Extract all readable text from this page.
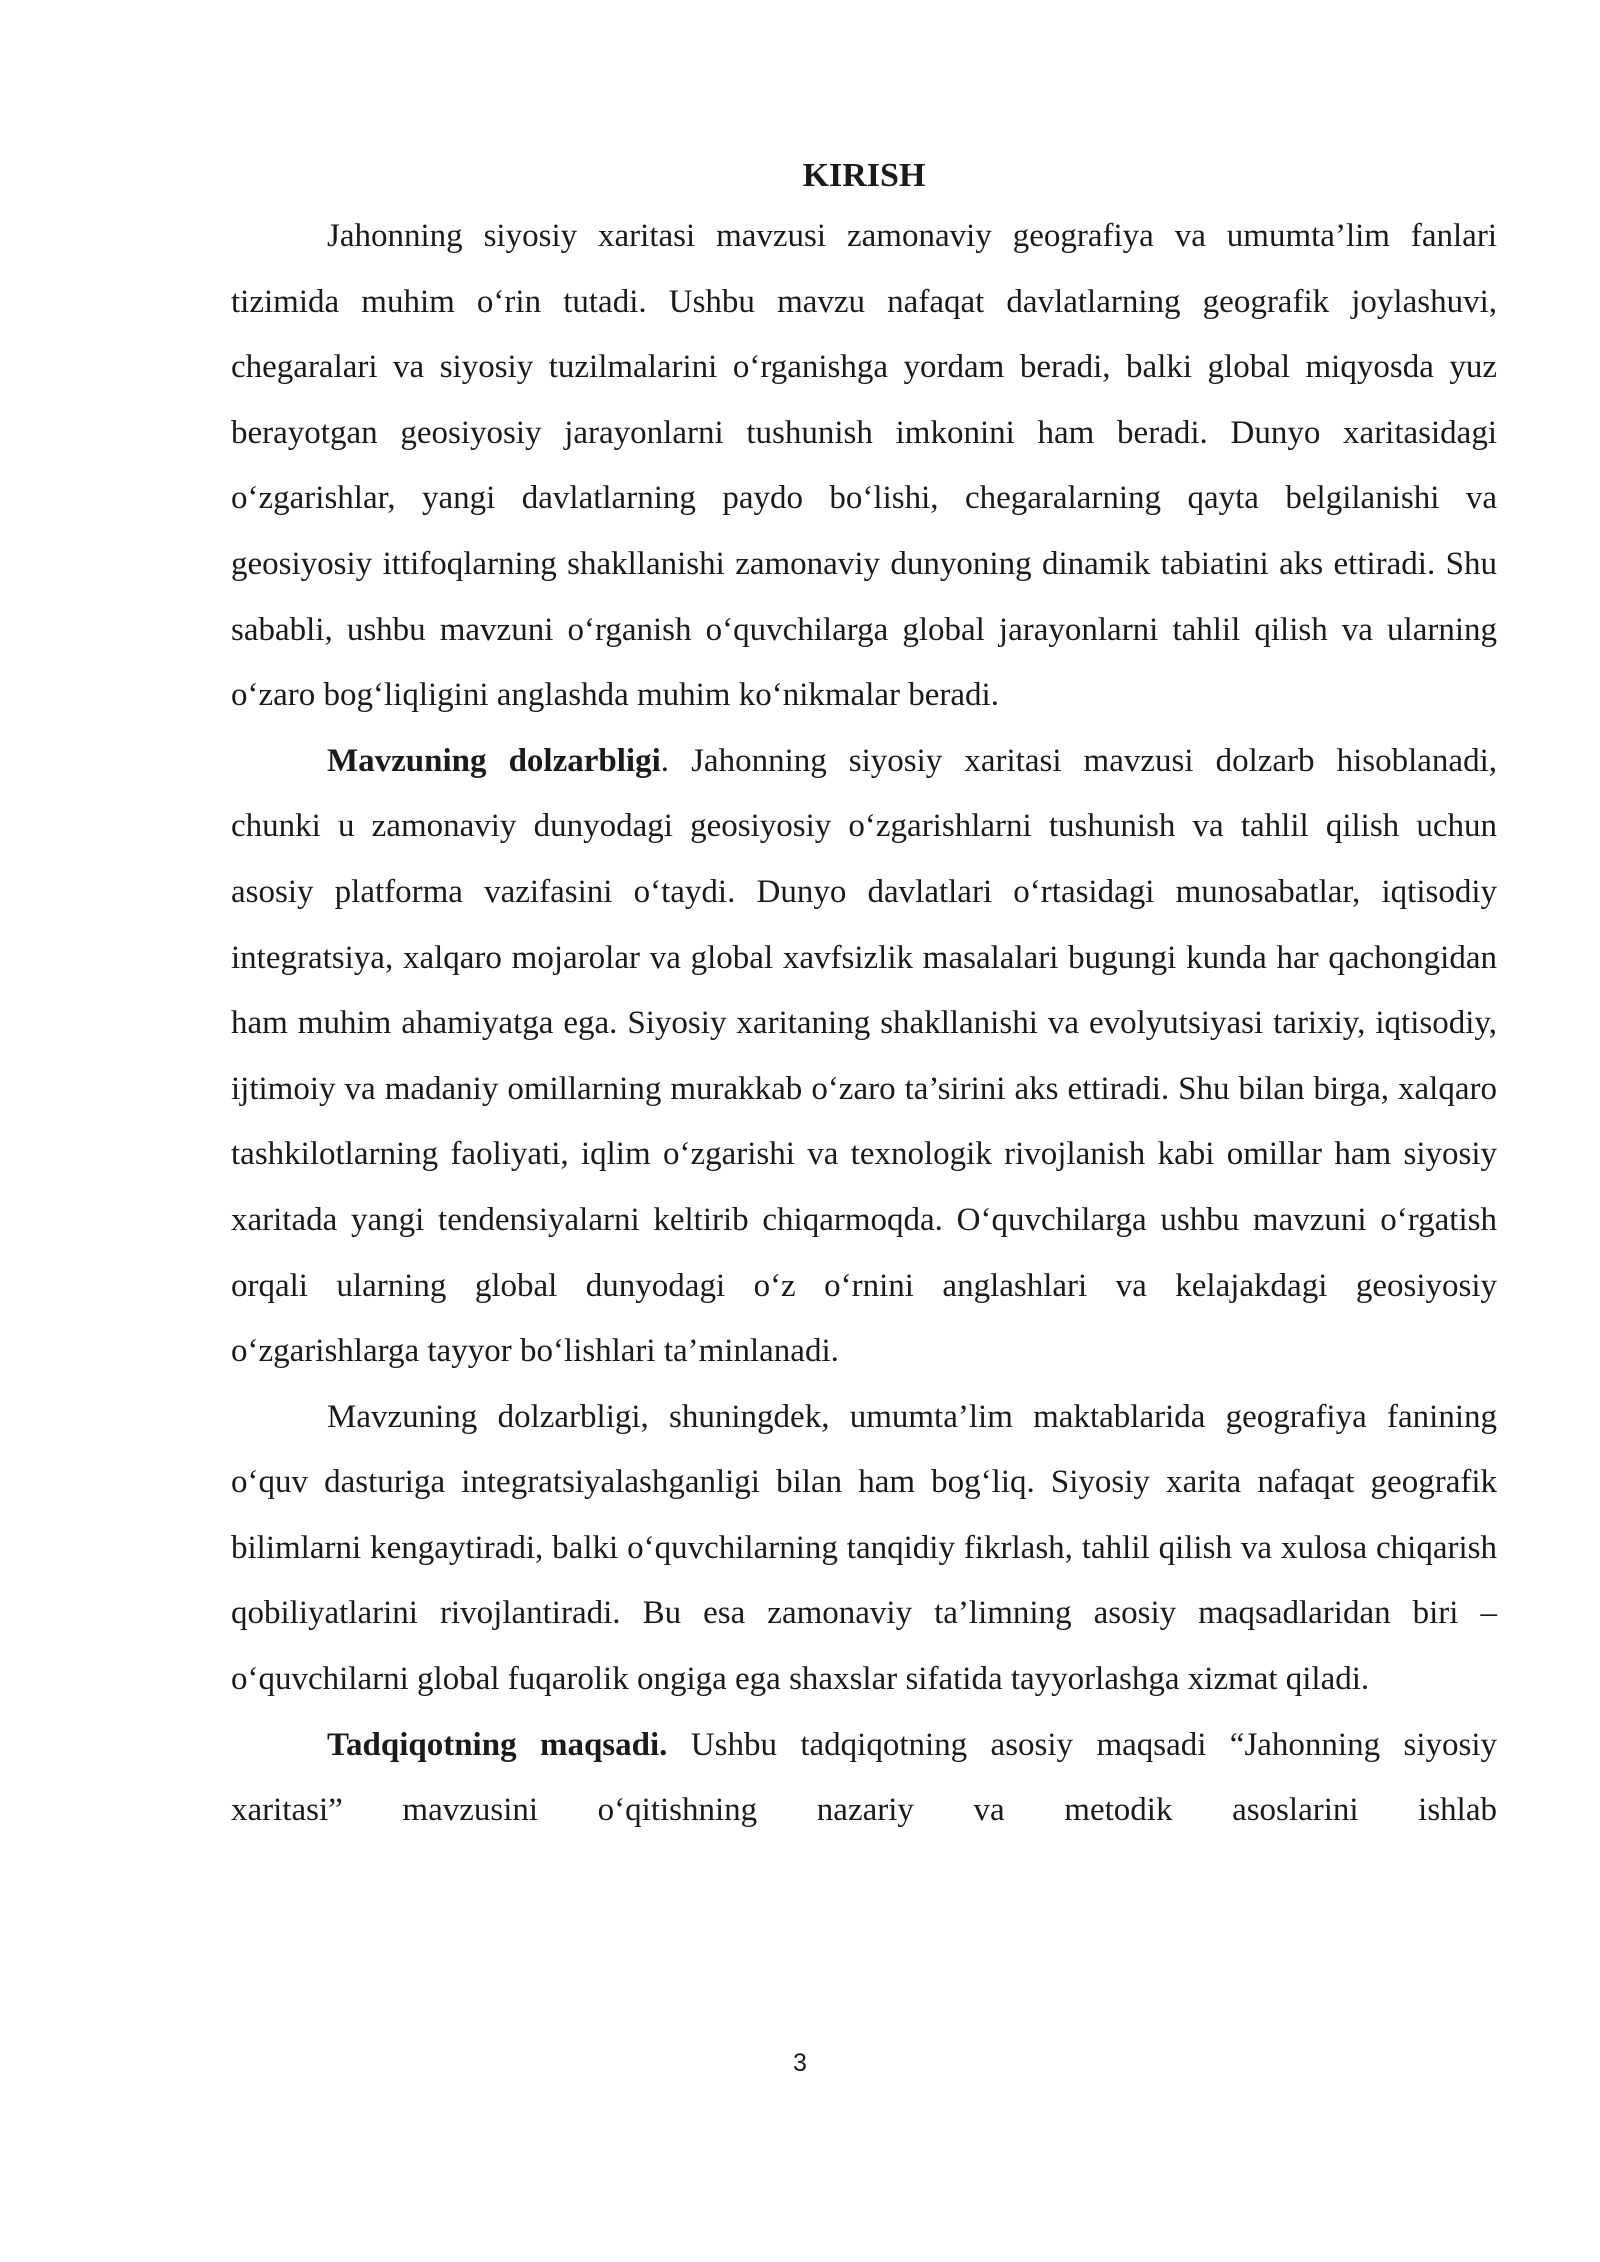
KIRISH

Jahonning siyosiy xaritasi mavzusi zamonaviy geografiya va umumta’lim fanlari tizimida muhim o‘rin tutadi. Ushbu mavzu nafaqat davlatlarning geografik joylashuvi, chegaralari va siyosiy tuzilmalarini o‘rganishga yordam beradi, balki global miqyosda yuz berayotgan geosiyosiy jarayonlarni tushunish imkonini ham beradi. Dunyo xaritasidagi o‘zgarishlar, yangi davlatlarning paydo bo‘lishi, chegaralarning qayta belgilanishi va geosiyosiy ittifoqlarning shakllanishi zamonaviy dunyoning dinamik tabiatini aks ettiradi. Shu sababli, ushbu mavzuni o‘rganish o‘quvchilarga global jarayonlarni tahlil qilish va ularning o‘zaro bog‘liqligini anglashda muhim ko‘nikmalar beradi.

Mavzuning dolzarbligi. Jahonning siyosiy xaritasi mavzusi dolzarb hisoblanadi, chunki u zamonaviy dunyodagi geosiyosiy o‘zgarishlarni tushunish va tahlil qilish uchun asosiy platforma vazifasini o‘taydi. Dunyo davlatlari o‘rtasidagi munosabatlar, iqtisodiy integratsiya, xalqaro mojarolar va global xavfsizlik masalalari bugungi kunda har qachongidan ham muhim ahamiyatga ega. Siyosiy xaritaning shakllanishi va evolyutsiyasi tarixiy, iqtisodiy, ijtimoiy va madaniy omillarning murakkab o‘zaro ta’sirini aks ettiradi. Shu bilan birga, xalqaro tashkilotlarning faoliyati, iqlim o‘zgarishi va texnologik rivojlanish kabi omillar ham siyosiy xaritada yangi tendensiyalarni keltirib chiqarmoqda. O‘quvchilarga ushbu mavzuni o‘rgatish orqali ularning global dunyodagi o‘z o‘rnini anglashlari va kelajakdagi geosiyosiy o‘zgarishlarga tayyor bo‘lishlari ta’minlanadi.

Mavzuning dolzarbligi, shuningdek, umumta’lim maktablarida geografiya fanining o‘quv dasturiga integratsiyalashganligi bilan ham bog‘liq. Siyosiy xarita nafaqat geografik bilimlarni kengaytiradi, balki o‘quvchilarning tanqidiy fikrlash, tahlil qilish va xulosa chiqarish qobiliyatlarini rivojlantiradi. Bu esa zamonaviy ta’limning asosiy maqsadlaridan biri – o‘quvchilarni global fuqarolik ongiga ega shaxslar sifatida tayyorlashga xizmat qiladi.

Tadqiqotning maqsadi. Ushbu tadqiqotning asosiy maqsadi “Jahonning siyosiy xaritasi” mavzusini o‘qitishning nazariy va metodik asoslarini ishlab

3
